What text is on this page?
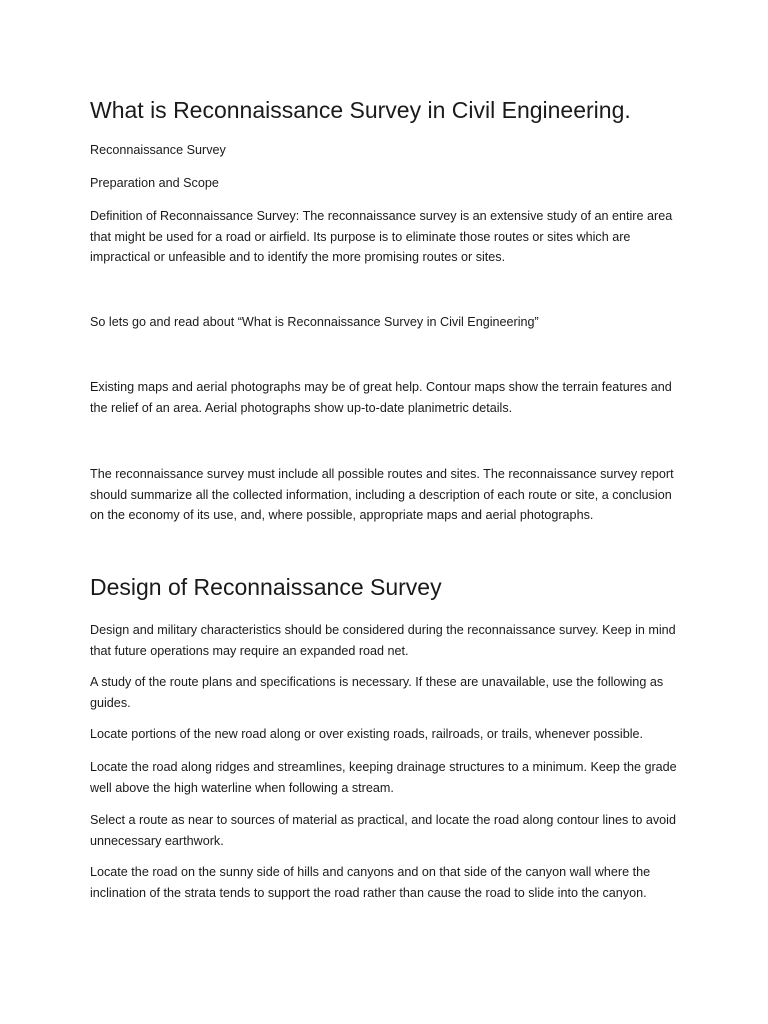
What is Reconnaissance Survey in Civil Engineering.

Reconnaissance Survey

Preparation and Scope

Definition of Reconnaissance Survey: The reconnaissance survey is an extensive study of an entire area that might be used for a road or airfield. Its purpose is to eliminate those routes or sites which are impractical or unfeasible and to identify the more promising routes or sites.

So lets go and read about “What is Reconnaissance Survey in Civil Engineering”

Existing maps and aerial photographs may be of great help. Contour maps show the terrain features and the relief of an area. Aerial photographs show up-to-date planimetric details.

The reconnaissance survey must include all possible routes and sites. The reconnaissance survey report should summarize all the collected information, including a description of each route or site, a conclusion on the economy of its use, and, where possible, appropriate maps and aerial photographs.

Design of Reconnaissance Survey

Design and military characteristics should be considered during the reconnaissance survey. Keep in mind that future operations may require an expanded road net.

A study of the route plans and specifications is necessary. If these are unavailable, use the following as guides.

Locate portions of the new road along or over existing roads, railroads, or trails, whenever possible.

Locate the road along ridges and streamlines, keeping drainage structures to a minimum. Keep the grade well above the high waterline when following a stream.

Select a route as near to sources of material as practical, and locate the road along contour lines to avoid unnecessary earthwork.

Locate the road on the sunny side of hills and canyons and on that side of the canyon wall where the inclination of the strata tends to support the road rather than cause the road to slide into the canyon.
